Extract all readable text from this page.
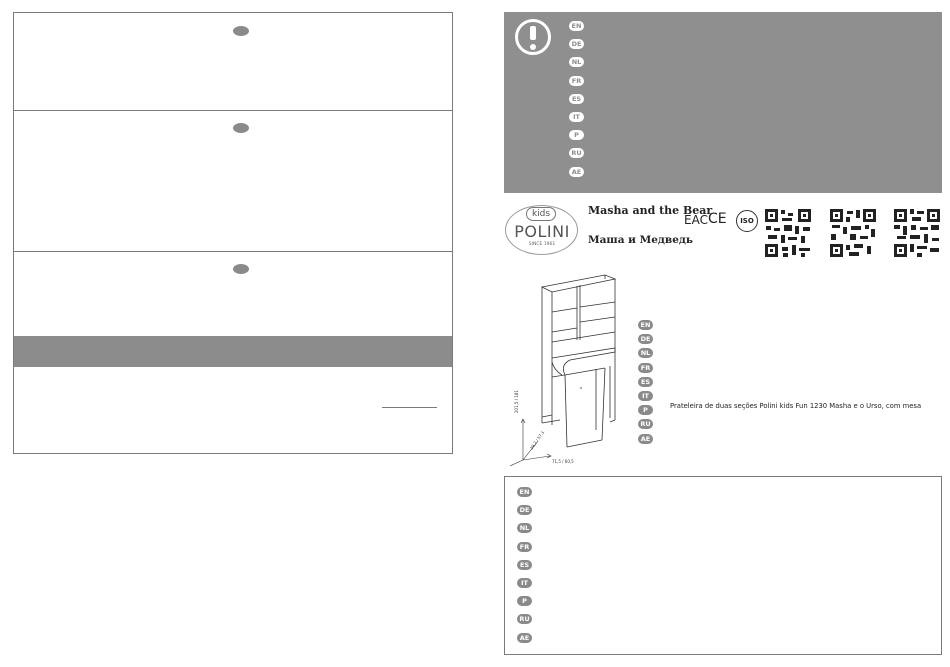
EN
DE
NL
FR
ES
IT
P
RU
AE
kids
POLINI
SINCE 1961
Masha and the Bear
Маша и Медведь
EAC CE	ISO
201,5 / 181
39,2 / 57,1
71,5 / 60,5
EN
DE
NL
FR
ES
IT
P
RU
AE
Prateleira de duas seções Polini kids Fun 1230 Masha e o Urso, com mesa
EN
DE
NL
FR
ES
IT
P
RU
AE
